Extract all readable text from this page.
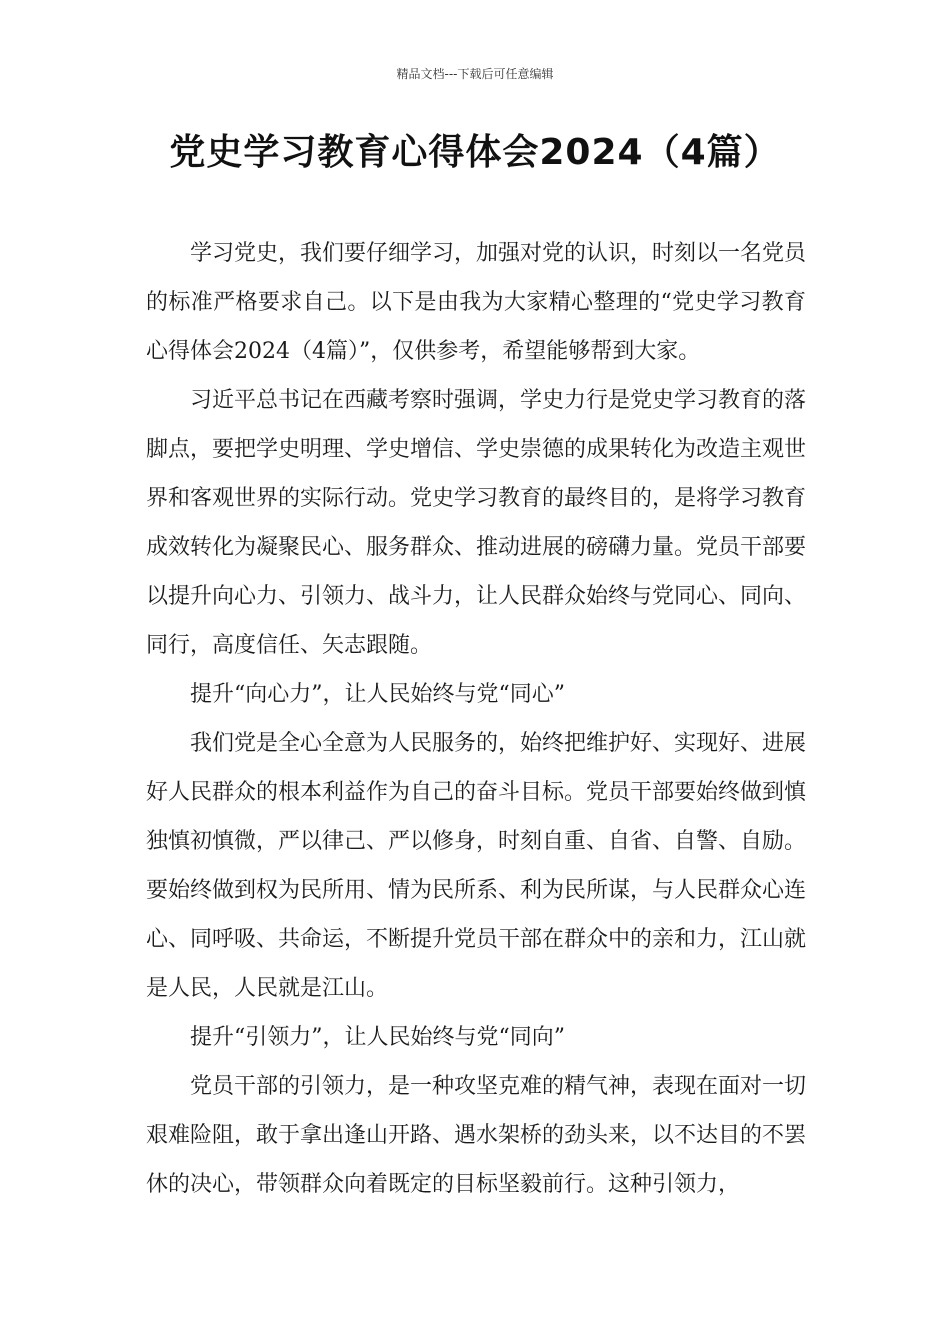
精品文档---下载后可任意编辑
党史学习教育心得体会2024（4篇）

学习党史，我们要仔细学习，加强对党的认识，时刻以一名党员的标准严格要求自己。以下是由我为大家精心整理的“党史学习教育心得体会2024（4篇）”，仅供参考，希望能够帮到大家。

习近平总书记在西藏考察时强调，学史力行是党史学习教育的落脚点，要把学史明理、学史增信、学史崇德的成果转化为改造主观世界和客观世界的实际行动。党史学习教育的最终目的，是将学习教育成效转化为凝聚民心、服务群众、推动进展的磅礴力量。党员干部要以提升向心力、引领力、战斗力，让人民群众始终与党同心、同向、同行，高度信任、矢志跟随。

提升“向心力”，让人民始终与党“同心”

我们党是全心全意为人民服务的，始终把维护好、实现好、进展好人民群众的根本利益作为自己的奋斗目标。党员干部要始终做到慎独慎初慎微，严以律己、严以修身，时刻自重、自省、自警、自励。要始终做到权为民所用、情为民所系、利为民所谋，与人民群众心连心、同呼吸、共命运，不断提升党员干部在群众中的亲和力，江山就是人民，人民就是江山。

提升“引领力”，让人民始终与党“同向”

党员干部的引领力，是一种攻坚克难的精气神，表现在面对一切艰难险阻，敢于拿出逢山开路、遇水架桥的劲头来，以不达目的不罢休的决心，带领群众向着既定的目标坚毅前行。这种引领力，
